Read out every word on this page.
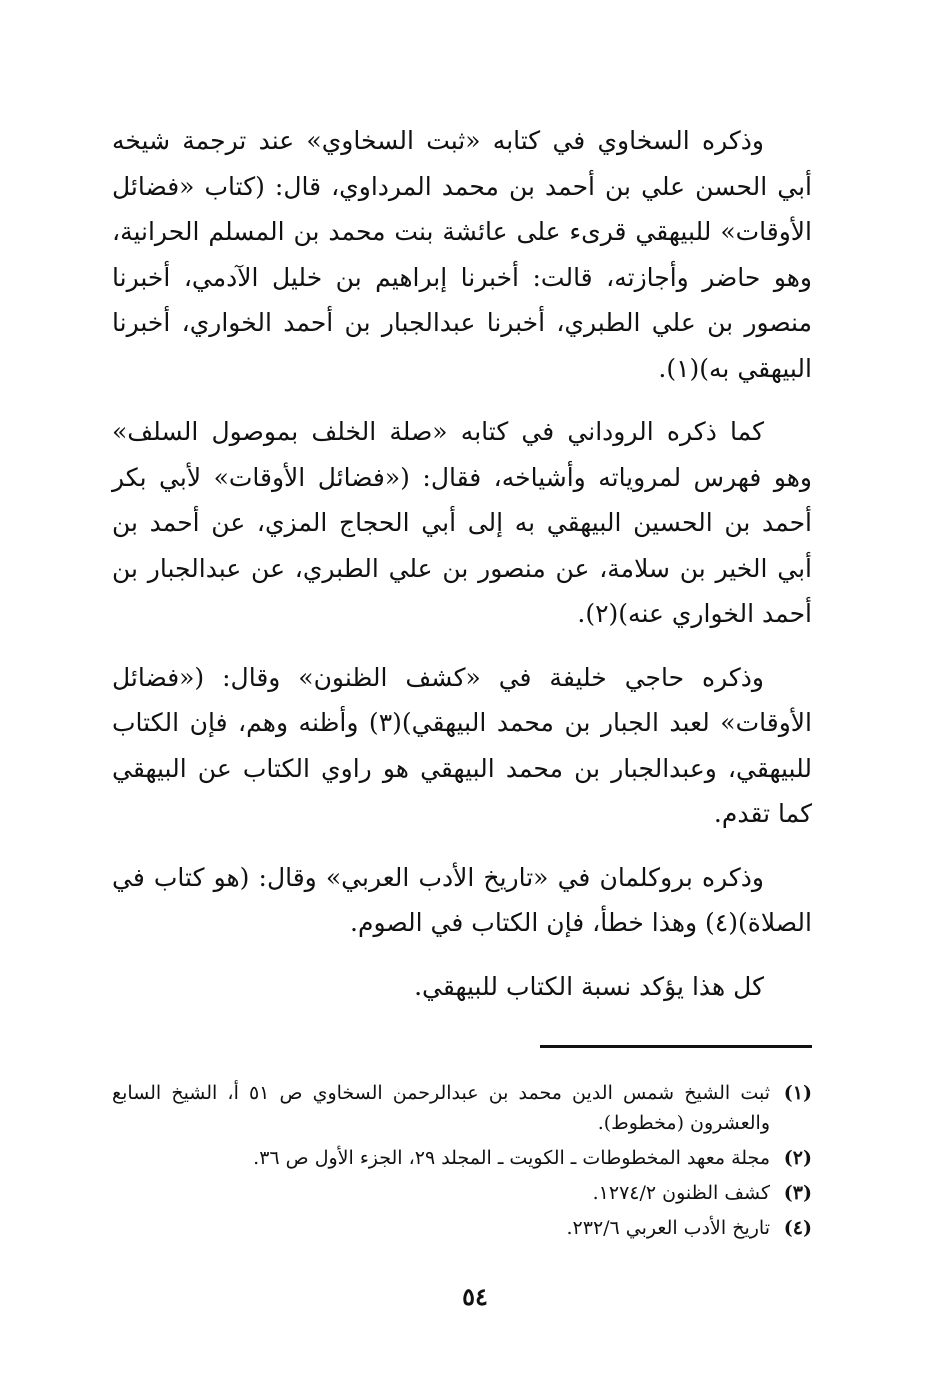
وذكره السخاوي في كتابه «ثبت السخاوي» عند ترجمة شيخه أبي الحسن علي بن أحمد بن محمد المرداوي، قال: (كتاب «فضائل الأوقات» للبيهقي قرىء على عائشة بنت محمد بن المسلم الحرانية، وهو حاضر وأجازته، قالت: أخبرنا إبراهيم بن خليل الآدمي، أخبرنا منصور بن علي الطبري، أخبرنا عبدالجبار بن أحمد الخواري، أخبرنا البيهقي به)(١).

كما ذكره الروداني في كتابه «صلة الخلف بموصول السلف» وهو فهرس لمروياته وأشياخه، فقال: («فضائل الأوقات» لأبي بكر أحمد بن الحسين البيهقي به إلى أبي الحجاج المزي، عن أحمد بن أبي الخير بن سلامة، عن منصور بن علي الطبري، عن عبدالجبار بن أحمد الخواري عنه)(٢).

وذكره حاجي خليفة في «كشف الظنون» وقال: («فضائل الأوقات» لعبد الجبار بن محمد البيهقي)(٣) وأظنه وهم، فإن الكتاب للبيهقي، وعبدالجبار بن محمد البيهقي هو راوي الكتاب عن البيهقي كما تقدم.

وذكره بروكلمان في «تاريخ الأدب العربي» وقال: (هو كتاب في الصلاة)(٤) وهذا خطأ، فإن الكتاب في الصوم.

كل هذا يؤكد نسبة الكتاب للبيهقي.

(١)
ثبت الشيخ شمس الدين محمد بن عبدالرحمن السخاوي ص ٥١ أ، الشيخ السابع والعشرون (مخطوط).
(٢)
مجلة معهد المخطوطات ـ الكويت ـ المجلد ٢٩، الجزء الأول ص ٣٦.
(٣)
كشف الظنون ١٢٧٤/٢.
(٤)
تاريخ الأدب العربي ٢٣٢/٦.
٥٤
